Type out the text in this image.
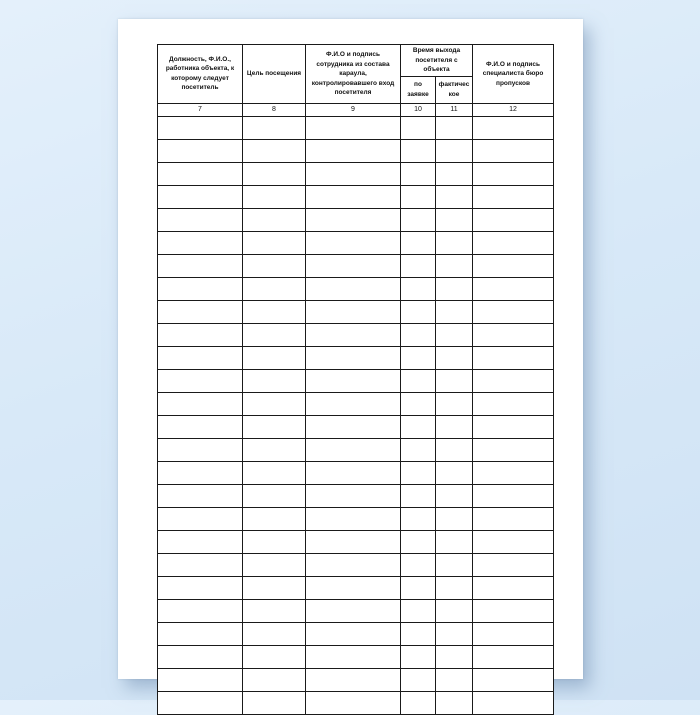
Должность, Ф.И.О., работника объекта, к которому следует посетитель	Цель посещения	Ф.И.О и подпись сотрудника из состава караула, контролировавшего вход посетителя	Время выхода посетителя с объекта		Ф.И.О и подпись специалиста бюро пропусков
			по заявке	фактическое	
7	8	9	10	11	12
